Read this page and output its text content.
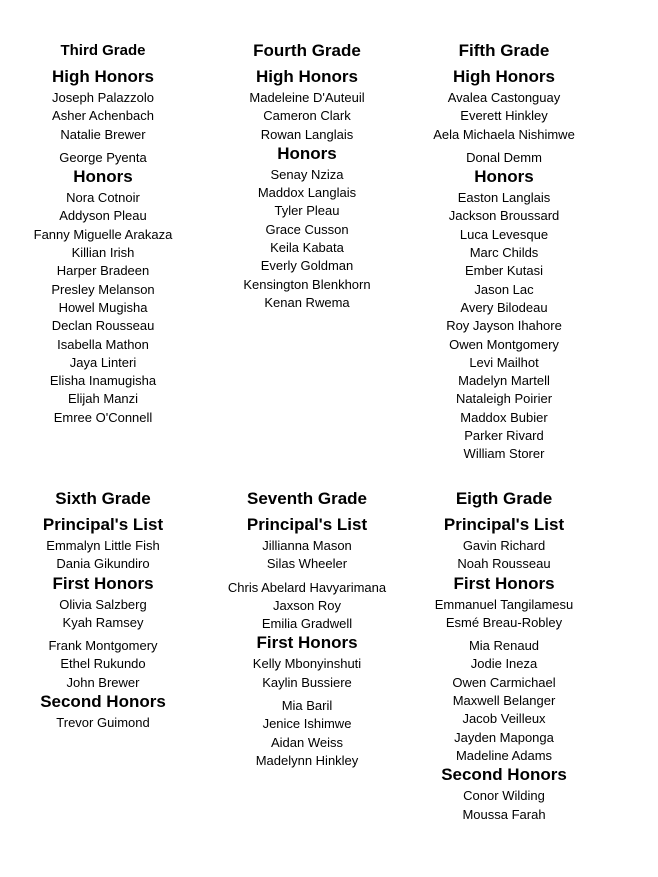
Third Grade
High Honors
Joseph Palazzolo
Asher Achenbach
Natalie Brewer
George Pyenta
Honors
Nora Cotnoir
Addyson Pleau
Fanny Miguelle Arakaza
Killian Irish
Harper Bradeen
Presley Melanson
Howel Mugisha
Declan Rousseau
Isabella Mathon
Jaya Linteri
Elisha Inamugisha
Elijah Manzi
Emree O'Connell
Fourth Grade
High Honors
Madeleine D'Auteuil
Cameron Clark
Rowan Langlais
Honors
Senay Nziza
Maddox Langlais
Tyler Pleau
Grace Cusson
Keila Kabata
Everly Goldman
Kensington Blenkhorn
Kenan Rwema
Fifth Grade
High Honors
Avalea Castonguay
Everett Hinkley
Aela Michaela Nishimwe
Donal Demm
Honors
Easton Langlais
Jackson Broussard
Luca Levesque
Marc Childs
Ember Kutasi
Jason Lac
Avery Bilodeau
Roy Jayson Ihahore
Owen Montgomery
Levi Mailhot
Madelyn Martell
Nataleigh Poirier
Maddox Bubier
Parker Rivard
William Storer
Sixth Grade
Principal's List
Emmalyn Little Fish
Dania Gikundiro
First Honors
Olivia Salzberg
Kyah Ramsey
Frank Montgomery
Ethel Rukundo
John Brewer
Second Honors
Trevor Guimond
Seventh Grade
Principal's List
Jillianna Mason
Silas Wheeler
Chris Abelard Havyarimana
Jaxson Roy
Emilia Gradwell
First Honors
Kelly Mbonyinshuti
Kaylin Bussiere
Mia Baril
Jenice Ishimwe
Aidan Weiss
Madelynn Hinkley
Eigth Grade
Principal's List
Gavin Richard
Noah Rousseau
First Honors
Emmanuel Tangilamesu
Esmé Breau-Robley
Mia Renaud
Jodie Ineza
Owen Carmichael
Maxwell Belanger
Jacob Veilleux
Jayden Maponga
Madeline Adams
Second Honors
Conor Wilding
Moussa Farah
